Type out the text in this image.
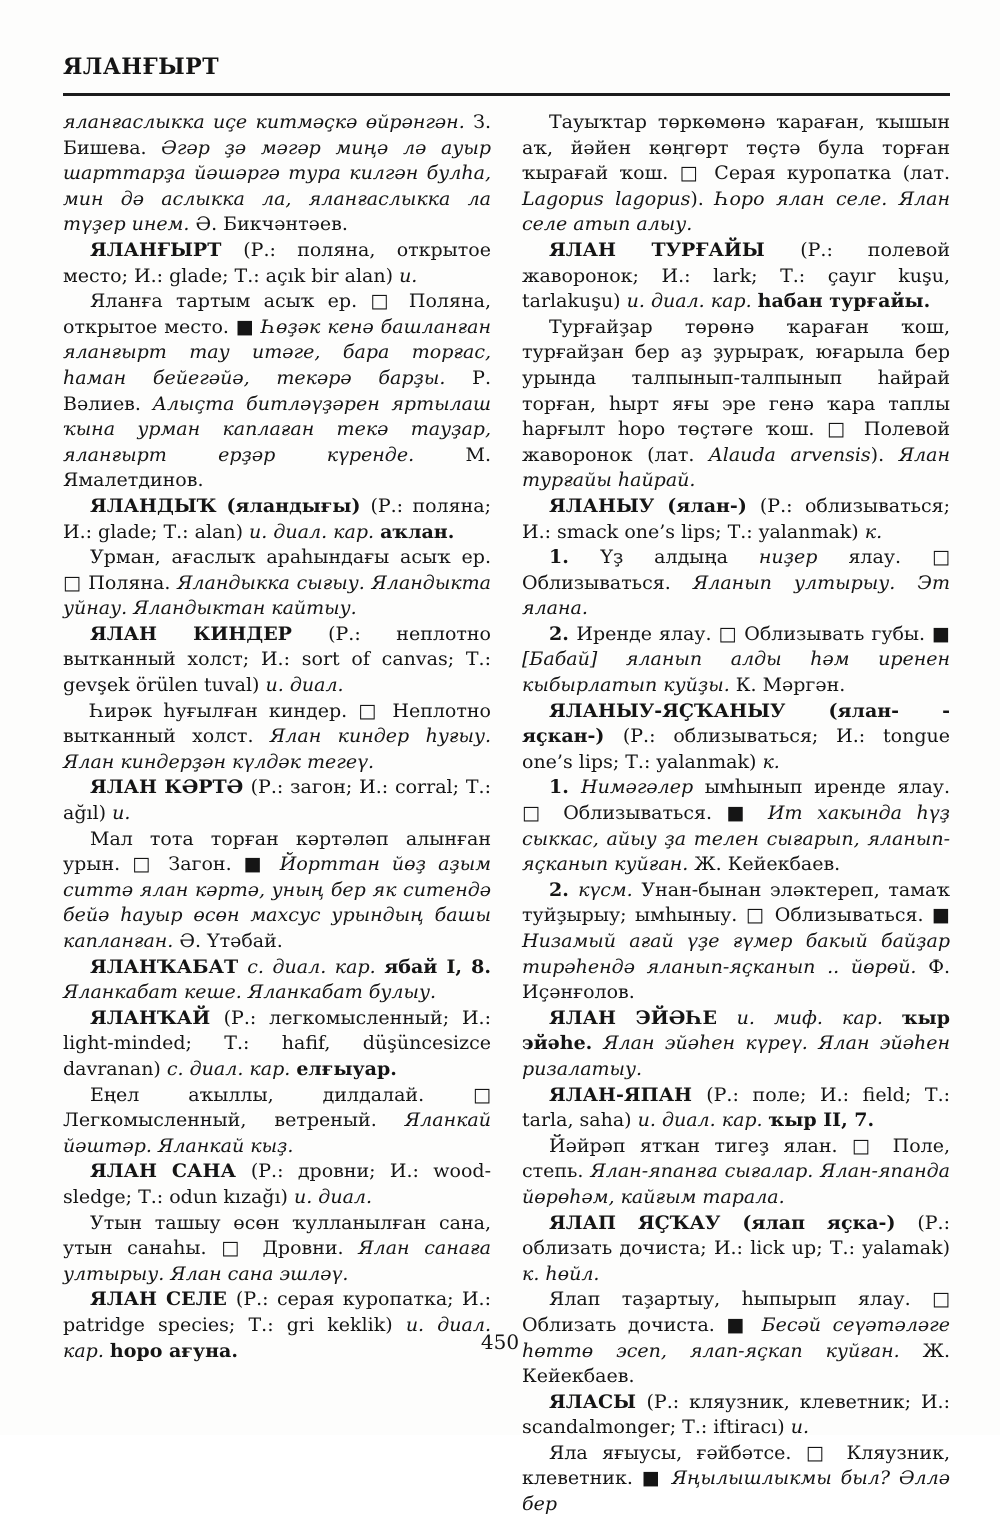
ЯЛАНҒЫРТ

яланғаслыкка иҫе китмәҫкә өйрәнгән. З. Бишева. Әгәр ҙә мәгәр миңә лә ауыр шарттарҙа йәшәргә тура килгән булһа, мин дә аслыкка ла, яланғаслыкка ла түҙер инем. Ә. Бикчәнтәев.

ЯЛАНҒЫРТ (Р.: поляна, открытое место; И.: glade; Т.: açık bir alan) и.

Яланға тартым асыҡ ер. □ Поляна, открытое место. ■ Һөҙәк кенә башланған яланғырт тау итәге, бара торғас, һаман бейегәйә, текәрә барҙы. Р. Вәлиев. Алыҫта битләүҙәрен яртылаш ҡына урман каплаған текә тауҙар, яланғырт ерҙәр күренде. М. Ямалетдинов.

ЯЛАНДЫҠ (яландығы) (Р.: поляна; И.: glade; Т.: alan) и. диал. кар. аҡлан.

Урман, ағаслыҡ араһындағы асыҡ ер. □ Поляна. Яландыкка сығыу. Яландыкта уйнау. Яландыктан кайтыу.

ЯЛАН КИНДЕР (Р.: неплотно вытканный холст; И.: sort of canvas; Т.: gevşek örülen tuval) и. диал.

Һирәк һуғылған киндер. □ Неплотно вытканный холст. Ялан киндер һуғыу. Ялан киндерҙән күлдәк тегеү.

ЯЛАН КӘРТӘ (Р.: загон; И.: corral; Т.: ağıl) и.

Мал тота торған кәртәләп алынған урын. □ Загон. ■ Йорттан йөҙ аҙым ситтә ялан кәртә, уның бер як ситендә бейә һауыр өсөн махсус урындың башы капланған. Ә. Үтәбай.

ЯЛАНҠАБАТ с. диал. кар. ябай I, 8. Яланкабат кеше. Яланкабат булыу.

ЯЛАНҠАЙ (Р.: легкомысленный; И.: light-minded; Т.: hafif, düşüncesizce davranan) с. диал. кар. елғыуар.

Еңел аҡыллы, дилдалай. □ Легкомысленный, ветреный. Яланкай йәштәр. Яланкай кыҙ.

ЯЛАН САНА (Р.: дровни; И.: wood-sledge; Т.: odun kızağı) и. диал.

Утын ташыу өсөн ҡулланылған сана, утын санаһы. □ Дровни. Ялан санаға ултырыу. Ялан сана эшләү.

ЯЛАН СЕЛЕ (Р.: серая куропатка; И.: patridge species; Т.: gri keklik) и. диал. кар. һоро ағуна.

Тауыҡтар төркөмөнә ҡараған, ҡышын аҡ, йәйен көңгөрт төҫтә була торған ҡырағай ҡош. □ Серая куропатка (лат. Lagopus lagopus). Һоро ялан селе. Ялан селе атып алыу.

ЯЛАН ТУРҒАЙЫ (Р.: полевой жаворонок; И.: lark; Т.: çayır kuşu, tarlakuşu) и. диал. кар. һабан турғайы.

Турғайҙар төрөнә ҡараған ҡош, турғайҙан бер аҙ ҙурыраҡ, юғарыла бер урында талпынып-талпынып һайрай торған, һырт яғы эре генә ҡара таплы һарғылт һоро төҫтәге ҡош. □ Полевой жаворонок (лат. Alauda arvensis). Ялан турғайы һайрай.

ЯЛАНЫУ (ялан-) (Р.: облизываться; И.: smack one’s lips; Т.: yalanmak) к.

1. Үҙ алдыңа ниҙер ялау. □ Облизываться. Яланып ултырыу. Эт ялана.

2. Иренде ялау. □ Облизывать губы. ■ [Бабай] яланып алды һәм иренен кыбырлатып куйҙы. К. Мәргән.

ЯЛАНЫУ-ЯҪҠАНЫУ (ялан- - яҫкан-) (Р.: облизываться; И.: tongue one’s lips; Т.: yalanmak) к.

1. Нимәгәлер ымһынып иренде ялау. □ Облизываться. ■ Ит хакында һүҙ сыккас, айыу ҙа телен сығарып, яланып-яҫканып куйған. Ж. Кейекбаев.

2. күсм. Унан-бынан эләктереп, тамаҡ туйҙырыу; ымһыныу. □ Облизываться. ■ Низамый ағай үҙе ғүмер бакый байҙар тирәһендә яланып-яҫканып .. йөрөй. Ф. Иҫәнғолов.

ЯЛАН ЭЙӘҺЕ и. миф. кар. ҡыр эйәһе. Ялан эйәһен күреү. Ялан эйәһен ризалатыу.

ЯЛАН-ЯПАН (Р.: поле; И.: field; Т.: tarla, saha) и. диал. кар. ҡыр II, 7.

Йәйрәп ятҡан тигеҙ ялан. □ Поле, степь. Ялан-япанға сығалар. Ялан-япанда йөрөһәм, кайғым тарала.

ЯЛАП ЯҪҠАУ (ялап яҫка-) (Р.: облизать дочиста; И.: lick up; Т.: yalamak) к. һөйл.

Ялап таҙартыу, һыпырып ялау. □ Облизать дочиста. ■ Бесәй сеүәтәләге һөттө эсеп, ялап-яҫкап куйған. Ж. Кейекбаев.

ЯЛАСЫ (Р.: кляузник, клеветник; И.: scandalmonger; Т.: iftiracı) и.

Яла яғыусы, ғәйбәтсе. □ Кляузник, клеветник. ■ Яңылышлыкмы был? Әллә бер

450
